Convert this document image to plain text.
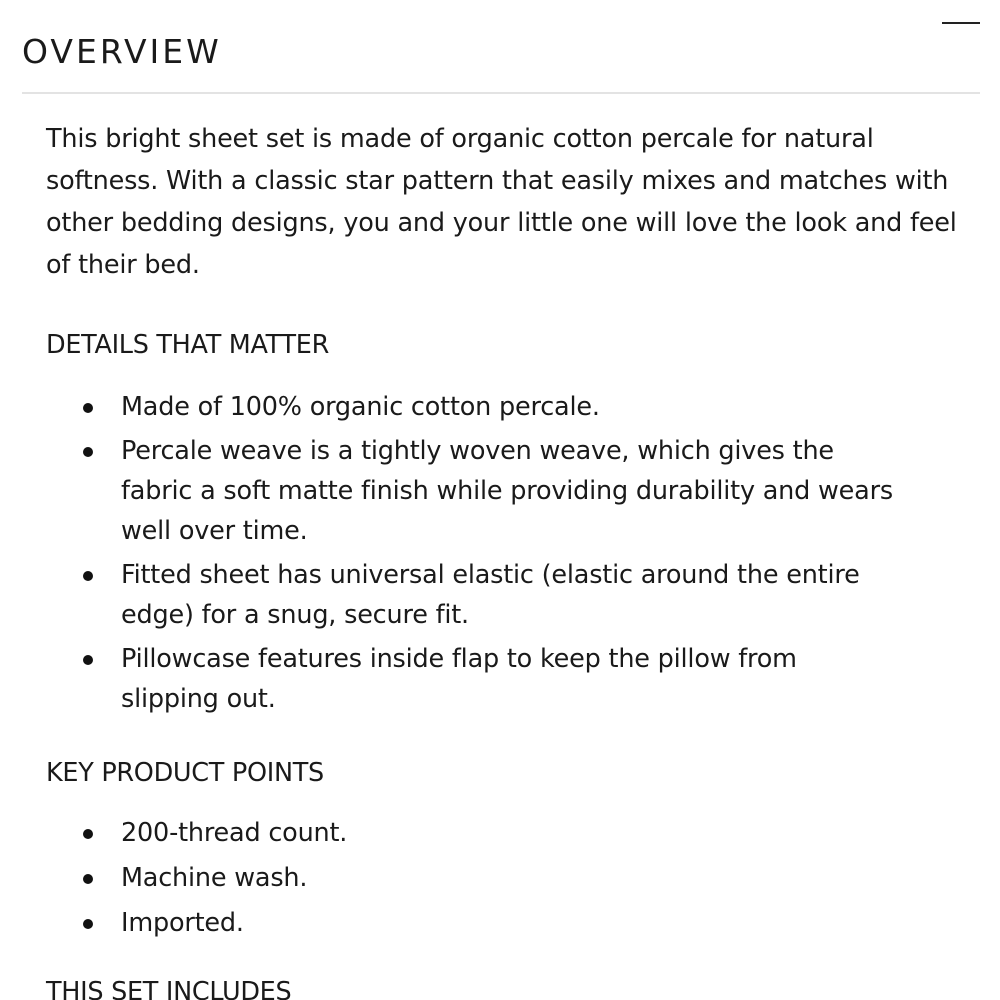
OVERVIEW

This bright sheet set is made of organic cotton percale for natural softness. With a classic star pattern that easily mixes and matches with other bedding designs, you and your little one will love the look and feel of their bed.

DETAILS THAT MATTER
Made of 100% organic cotton percale.
Percale weave is a tightly woven weave, which gives the fabric a soft matte finish while providing durability and wears well over time.
Fitted sheet has universal elastic (elastic around the entire edge) for a snug, secure fit.
Pillowcase features inside flap to keep the pillow from slipping out.
KEY PRODUCT POINTS
200-thread count.
Machine wash.
Imported.
THIS SET INCLUDES
